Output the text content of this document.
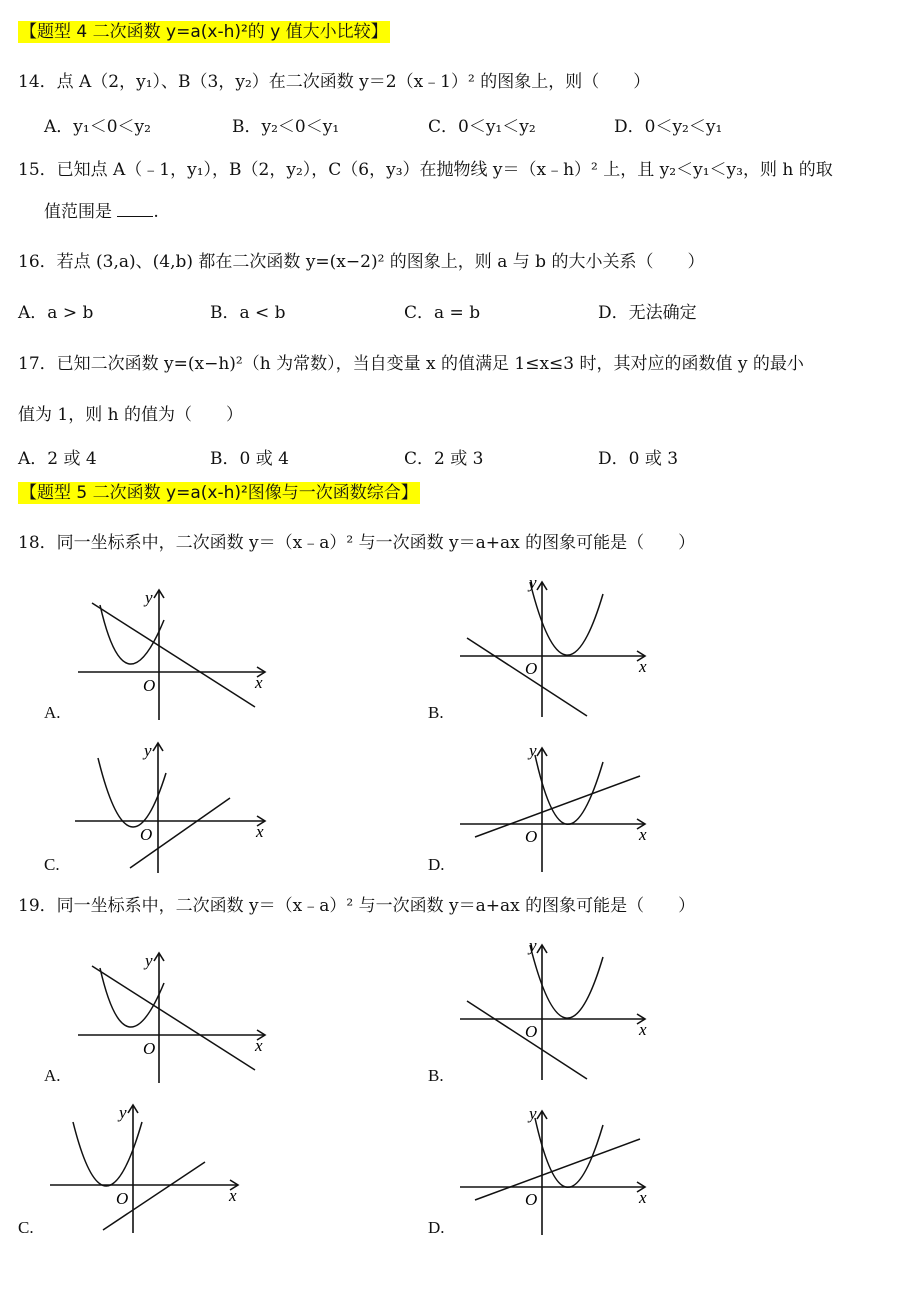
【题型 4 二次函数 y=a(x-h)²的 y 值大小比较】
14．点 A（2，y₁）、B（3，y₂）在二次函数 y＝2（x﹣1）² 的图象上，则（　　）
A．y₁＜0＜y₂	B．y₂＜0＜y₁	C．0＜y₁＜y₂	D．0＜y₂＜y₁
15．已知点 A（﹣1，y₁），B（2，y₂），C（6，y₃）在抛物线 y＝（x﹣h）² 上，且 y₂＜y₁＜y₃，则 h 的取
值范围是 .
16．若点 (3,a)、(4,b) 都在二次函数 y=(x−2)² 的图象上，则 a 与 b 的大小关系（　　）
A．a > b	B．a < b	C．a = b	D．无法确定
17．已知二次函数 y=(x−h)²（h 为常数），当自变量 x 的值满足 1≤x≤3 时，其对应的函数值 y 的最小
值为 1，则 h 的值为（　　）
A．2 或 4	B．0 或 4	C．2 或 3	D．0 或 3
【题型 5 二次函数 y=a(x-h)²图像与一次函数综合】
18．同一坐标系中，二次函数 y＝（x﹣a）² 与一次函数 y＝a+ax 的图象可能是（　　）
O	x
y
A.
O	x
y
B.
O	x
y
C.
O	x
y
D.
19．同一坐标系中，二次函数 y＝（x﹣a）² 与一次函数 y＝a+ax 的图象可能是（　　）
O	x
y
A.
O	x
y
B.
O	x
y
C.
O	x
y
D.
